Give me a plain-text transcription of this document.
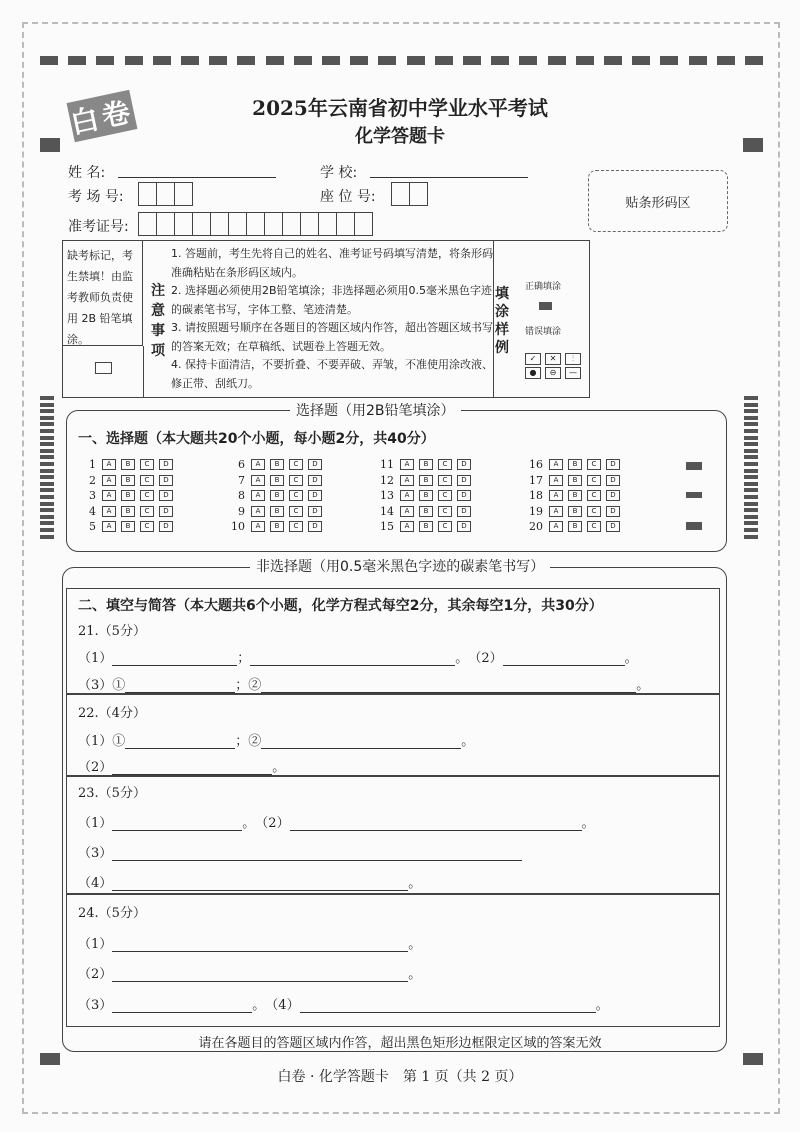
白卷	2025年云南省初中学业水平考试
化学答题卡
姓 名:	学 校:
考 场 号:	座 位 号:
准考证号:
贴条形码区
缺考标记，考生禁填！由监考教师负责使用 2B 铅笔填涂。
注意事项
1. 答题前，考生先将自己的姓名、准考证号码填写清楚，将条形码准确粘贴在条形码区域内。
2. 选择题必须使用2B铅笔填涂；非选择题必须用0.5毫米黑色字迹的碳素笔书写，字体工整、笔迹清楚。
3. 请按照题号顺序在各题目的答题区域内作答，超出答题区域书写的答案无效；在草稿纸、试题卷上答题无效。
4. 保持卡面清洁，不要折叠、不要弄破、弄皱，不准使用涂改液、修正带、刮纸刀。
填涂样例
正确填涂
错误填涂
✓	✕	⫶
●	⊖	—
选择题（用2B铅笔填涂）
一、选择题（本大题共20个小题，每小题2分，共40分）
1	A	B	C	D
2	A	B	C	D
3	A	B	C	D
4	A	B	C	D
5	A	B	C	D
6	A	B	C	D
7	A	B	C	D
8	A	B	C	D
9	A	B	C	D
10	A	B	C	D
11	A	B	C	D
12	A	B	C	D
13	A	B	C	D
14	A	B	C	D
15	A	B	C	D
16	A	B	C	D
17	A	B	C	D
18	A	B	C	D
19	A	B	C	D
20	A	B	C	D
非选择题（用0.5毫米黑色字迹的碳素笔书写）
二、填空与简答（本大题共6个小题，化学方程式每空2分，其余每空1分，共30分）
21.（5分）
（1）	；	。 （2）	。
（3）①	；②	。
22.（4分）
（1）①	；②	。
（2）	。
23.（5分）
（1）	。 （2）	。
（3）
（4）	。
24.（5分）
（1）	。
（2）	。
（3）	。 （4）	。
请在各题目的答题区域内作答，超出黑色矩形边框限定区域的答案无效
白卷 · 化学答题卡　第 1 页（共 2 页）
